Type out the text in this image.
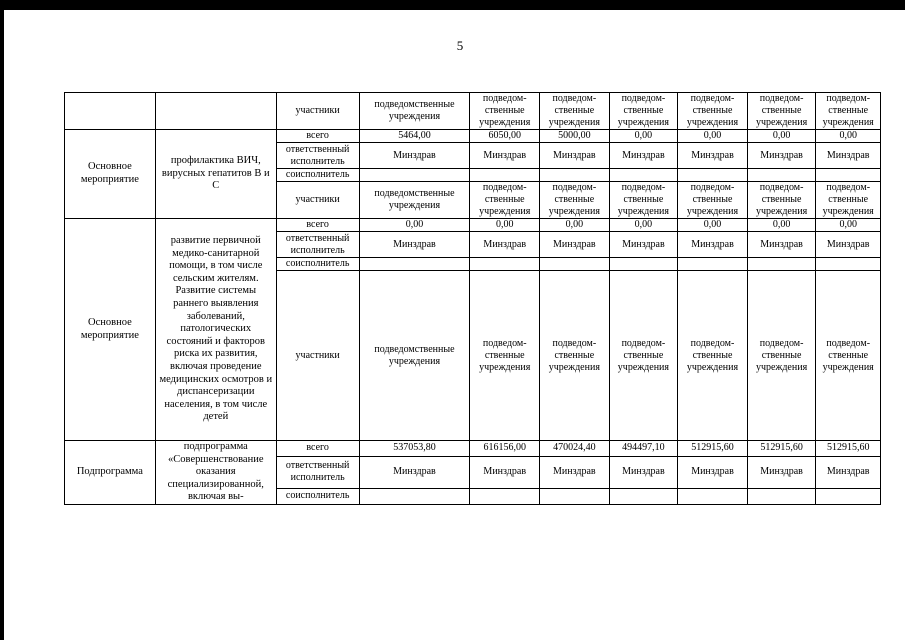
5
		участники	подведомственные учреждения	подведом-ственные учреждения	подведом-ственные учреждения	подведом-ственные учреждения	подведом-ственные учреждения	подведом-ственные учреждения	подведом-ственные учреждения
Основное мероприятие	профилактика ВИЧ, вирусных гепатитов В и С	всего	5464,00	6050,00	5000,00	0,00	0,00	0,00	0,00
		ответственный исполнитель	Минздрав	Минздрав	Минздрав	Минздрав	Минздрав	Минздрав	Минздрав
		соисполнитель							
		участники	подведомственные учреждения	подведом-ственные учреждения	подведом-ственные учреждения	подведом-ственные учреждения	подведом-ственные учреждения	подведом-ственные учреждения	подведом-ственные учреждения
Основное мероприятие	развитие первичной медико-санитарной помощи, в том числе сельским жителям. Развитие системы раннего выявления заболеваний, патологических состояний и факторов риска их развития, включая проведение медицинских осмотров и диспансеризации населения, в том числе детей	всего	0,00	0,00	0,00	0,00	0,00	0,00	0,00
		ответственный исполнитель	Минздрав	Минздрав	Минздрав	Минздрав	Минздрав	Минздрав	Минздрав
		соисполнитель							
		участники	подведомственные учреждения	подведом-ственные учреждения	подведом-ственные учреждения	подведом-ственные учреждения	подведом-ственные учреждения	подведом-ственные учреждения	подведом-ственные учреждения
Подпрограмма	подпрограмма «Совершенствование оказания специализированной, включая вы-	всего	537053,80	616156,00	470024,40	494497,10	512915,60	512915,60	512915,60
		ответственный исполнитель	Минздрав	Минздрав	Минздрав	Минздрав	Минздрав	Минздрав	Минздрав
		соисполнитель							
